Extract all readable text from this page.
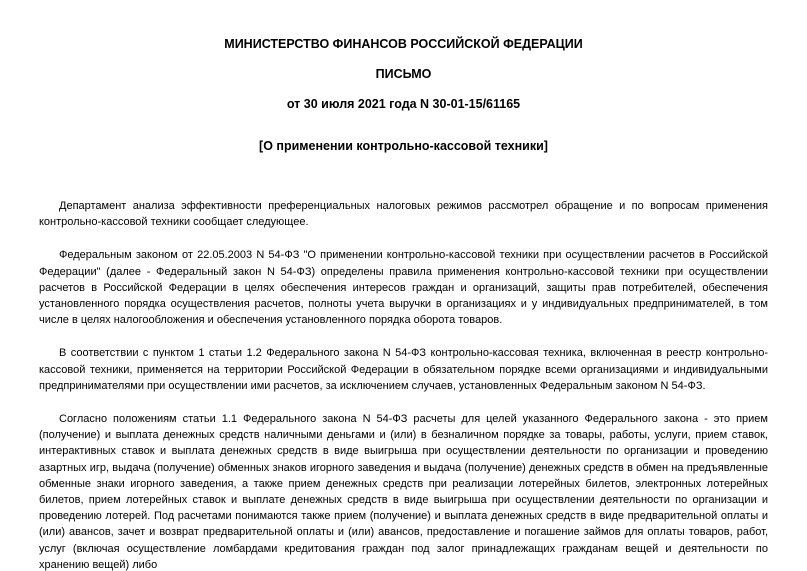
МИНИСТЕРСТВО ФИНАНСОВ РОССИЙСКОЙ ФЕДЕРАЦИИ
ПИСЬМО
от 30 июля 2021 года N 30-01-15/61165
[О применении контрольно-кассовой техники]

Департамент анализа эффективности преференциальных налоговых режимов рассмотрел обращение и по вопросам применения контрольно-кассовой техники сообщает следующее.

Федеральным законом от 22.05.2003 N 54-ФЗ "О применении контрольно-кассовой техники при осуществлении расчетов в Российской Федерации" (далее - Федеральный закон N 54-ФЗ) определены правила применения контрольно-кассовой техники при осуществлении расчетов в Российской Федерации в целях обеспечения интересов граждан и организаций, защиты прав потребителей, обеспечения установленного порядка осуществления расчетов, полноты учета выручки в организациях и у индивидуальных предпринимателей, в том числе в целях налогообложения и обеспечения установленного порядка оборота товаров.

В соответствии с пунктом 1 статьи 1.2 Федерального закона N 54-ФЗ контрольно-кассовая техника, включенная в реестр контрольно-кассовой техники, применяется на территории Российской Федерации в обязательном порядке всеми организациями и индивидуальными предпринимателями при осуществлении ими расчетов, за исключением случаев, установленных Федеральным законом N 54-ФЗ.

Согласно положениям статьи 1.1 Федерального закона N 54-ФЗ расчеты для целей указанного Федерального закона - это прием (получение) и выплата денежных средств наличными деньгами и (или) в безналичном порядке за товары, работы, услуги, прием ставок, интерактивных ставок и выплата денежных средств в виде выигрыша при осуществлении деятельности по организации и проведению азартных игр, выдача (получение) обменных знаков игорного заведения и выдача (получение) денежных средств в обмен на предъявленные обменные знаки игорного заведения, а также прием денежных средств при реализации лотерейных билетов, электронных лотерейных билетов, прием лотерейных ставок и выплате денежных средств в виде выигрыша при осуществлении деятельности по организации и проведению лотерей. Под расчетами понимаются также прием (получение) и выплата денежных средств в виде предварительной оплаты и (или) авансов, зачет и возврат предварительной оплаты и (или) авансов, предоставление и погашение займов для оплаты товаров, работ, услуг (включая осуществление ломбардами кредитования граждан под залог принадлежащих гражданам вещей и деятельности по хранению вещей) либо
